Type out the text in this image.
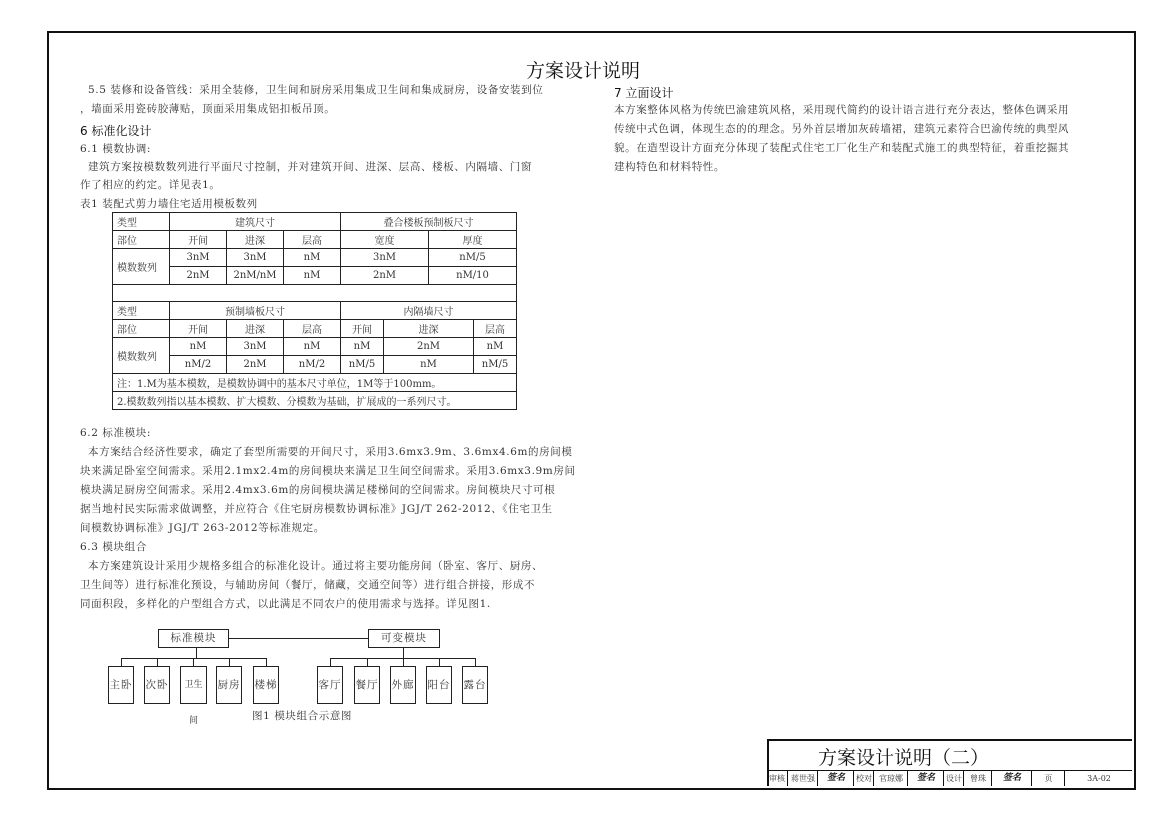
方案设计说明
5.5 装修和设备管线：采用全装修，卫生间和厨房采用集成卫生间和集成厨房，设备安装到位
，墙面采用瓷砖胶薄贴，顶面采用集成铝扣板吊顶。
6 标准化设计
6.1 模数协调:
建筑方案按模数数列进行平面尺寸控制，并对建筑开间、进深、层高、楼板、内隔墙、门窗
作了相应的约定。详见表1。
表1 装配式剪力墙住宅适用模板数列
类型	建筑尺寸			叠合楼板预制板尺寸			
部位	开间	进深	层高	宽度		厚度	
模数数列	3nM	3nM	nM	3nM		nM/5	
	2nM	2nM/nM	nM	2nM		nM/10	

类型	预制墙板尺寸			内隔墙尺寸			
部位	开间	进深	层高	开间	进深		层高
模数数列	nM	3nM	nM	nM	2nM		nM
	nM/2	2nM	nM/2	nM/5	nM		nM/5
注：1.M为基本模数，是模数协调中的基本尺寸单位，1M等于100mm。							
2.模数数列指以基本模数、扩大模数、分模数为基础，扩展成的一系列尺寸。							
6.2 标准模块:
本方案结合经济性要求，确定了套型所需要的开间尺寸，采用3.6mx3.9m、3.6mx4.6m的房间模
块来满足卧室空间需求。采用2.1mx2.4m的房间模块来满足卫生间空间需求。采用3.6mx3.9m房间
模块满足厨房空间需求。采用2.4mx3.6m的房间模块满足楼梯间的空间需求。房间模块尺寸可根
据当地村民实际需求做调整，并应符合《住宅厨房模数协调标准》JGJ/T 262-2012、《住宅卫生
间模数协调标准》JGJ/T 263-2012等标准规定。
6.3 模块组合
本方案建筑设计采用少规格多组合的标准化设计。通过将主要功能房间（卧室、客厅、厨房、
卫生间等）进行标准化预设，与辅助房间（餐厅，储藏，交通空间等）进行组合拼接，形成不
同面积段，多样化的户型组合方式，以此满足不同农户的使用需求与选择。详见图1.
标准模块	可变模块
主卧 次卧	卫生间
厨房 楼梯	客厅 餐厅 外廊 阳台 露台
图1 模块组合示意图
7 立面设计
本方案整体风格为传统巴渝建筑风格，采用现代简约的设计语言进行充分表达，整体色调采用
传统中式色调，体现生态的的理念。另外首层增加灰砖墙裙，建筑元素符合巴渝传统的典型风
貌。在造型设计方面充分体现了装配式住宅工厂化生产和装配式施工的典型特征，着重挖掘其
建构特色和材料特性。
方案设计说明（二）
审核 蒋世强	签名	校对 官琼娜	签名	设计	曾珠	签名	页	3A-02
